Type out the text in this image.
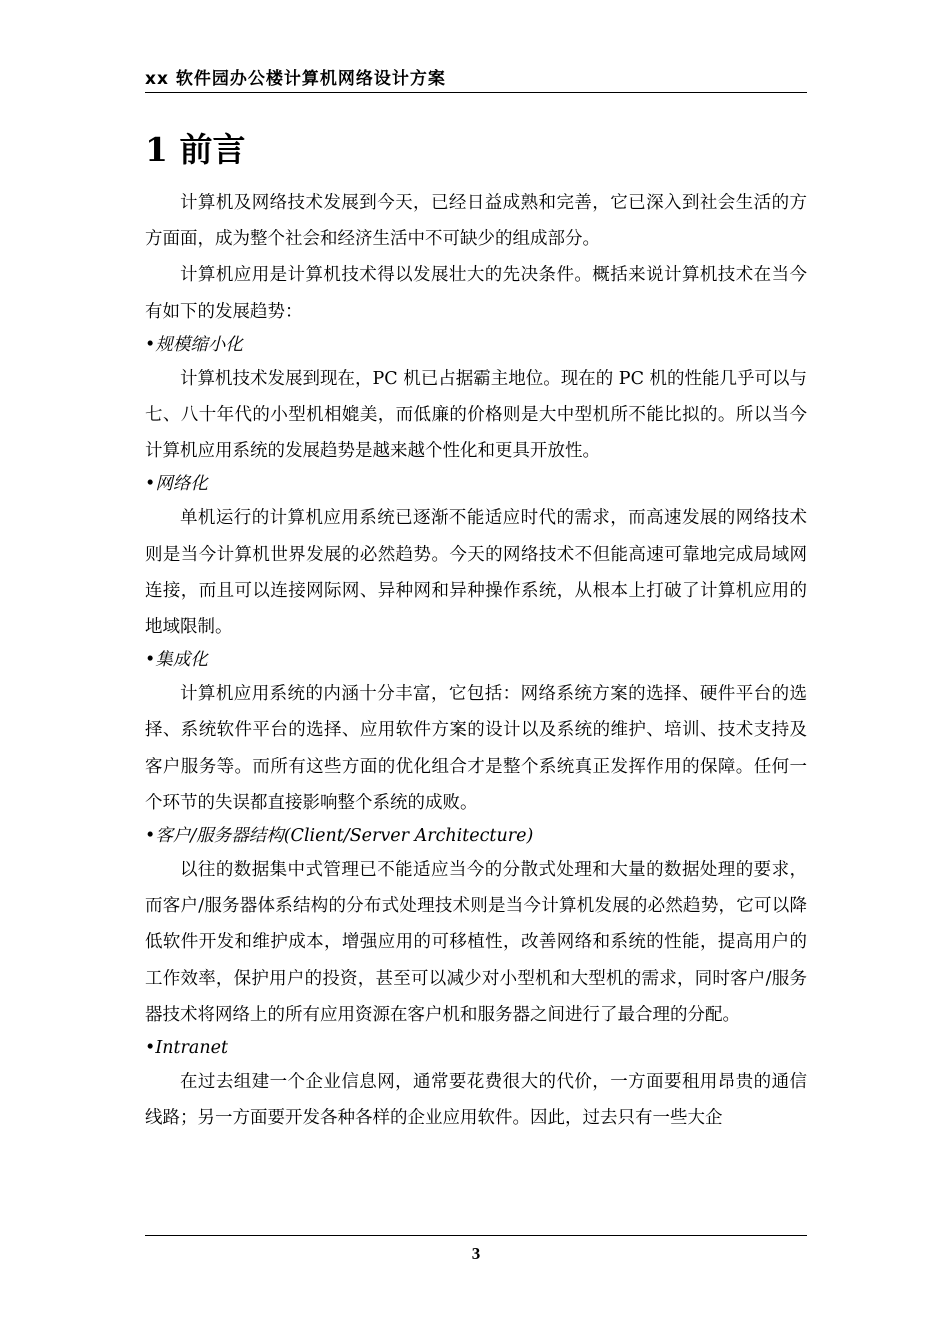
xx 软件园办公楼计算机网络设计方案
1 前言

计算机及网络技术发展到今天，已经日益成熟和完善，它已深入到社会生活的方方面面，成为整个社会和经济生活中不可缺少的组成部分。

计算机应用是计算机技术得以发展壮大的先决条件。概括来说计算机技术在当今有如下的发展趋势：

•规模缩小化

计算机技术发展到现在，PC 机已占据霸主地位。现在的 PC 机的性能几乎可以与七、八十年代的小型机相媲美，而低廉的价格则是大中型机所不能比拟的。所以当今计算机应用系统的发展趋势是越来越个性化和更具开放性。

•网络化

单机运行的计算机应用系统已逐渐不能适应时代的需求，而高速发展的网络技术则是当今计算机世界发展的必然趋势。今天的网络技术不但能高速可靠地完成局域网连接，而且可以连接网际网、异种网和异种操作系统，从根本上打破了计算机应用的地域限制。

•集成化

计算机应用系统的内涵十分丰富，它包括：网络系统方案的选择、硬件平台的选择、系统软件平台的选择、应用软件方案的设计以及系统的维护、培训、技术支持及客户服务等。而所有这些方面的优化组合才是整个系统真正发挥作用的保障。任何一个环节的失误都直接影响整个系统的成败。

•客户/服务器结构(Client/Server Architecture)

以往的数据集中式管理已不能适应当今的分散式处理和大量的数据处理的要求，而客户/服务器体系结构的分布式处理技术则是当今计算机发展的必然趋势，它可以降低软件开发和维护成本，增强应用的可移植性，改善网络和系统的性能，提高用户的工作效率，保护用户的投资，甚至可以减少对小型机和大型机的需求，同时客户/服务器技术将网络上的所有应用资源在客户机和服务器之间进行了最合理的分配。

•Intranet

在过去组建一个企业信息网，通常要花费很大的代价，一方面要租用昂贵的通信线路；另一方面要开发各种各样的企业应用软件。因此，过去只有一些大企

3
